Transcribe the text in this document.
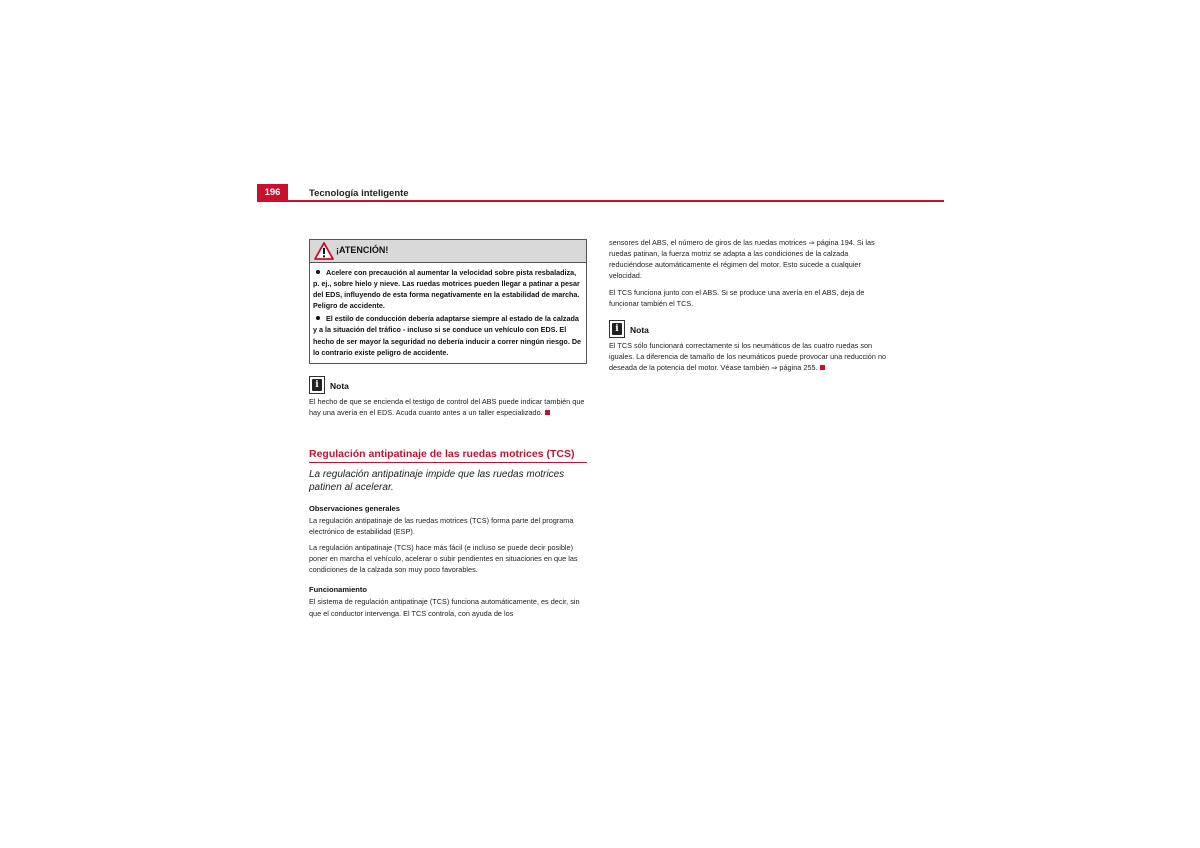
196	Tecnología inteligente
¡ATENCIÓN!
Acelere con precaución al aumentar la velocidad sobre pista resbaladiza, p. ej., sobre hielo y nieve. Las ruedas motrices pueden llegar a patinar a pesar del EDS, influyendo de esta forma negativamente en la estabilidad de marcha. Peligro de accidente.
El estilo de conducción debería adaptarse siempre al estado de la calzada y a la situación del tráfico - incluso si se conduce un vehículo con EDS. El hecho de ser mayor la seguridad no debería inducir a correr ningún riesgo. De lo contrario existe peligro de accidente.
i	Nota

El hecho de que se encienda el testigo de control del ABS puede indicar también que hay una avería en el EDS. Acuda cuanto antes a un taller especializado.

Regulación antipatinaje de las ruedas motrices (TCS)
La regulación antipatinaje impide que las ruedas motrices patinen al acelerar.
Observaciones generales

La regulación antipatinaje de las ruedas motrices (TCS) forma parte del programa electrónico de estabilidad (ESP).

La regulación antipatinaje (TCS) hace más fácil (e incluso se puede decir posible) poner en marcha el vehículo, acelerar o subir pendientes en situaciones en que las condiciones de la calzada son muy poco favorables.

Funcionamiento

El sistema de regulación antipatinaje (TCS) funciona automáticamente, es decir, sin que el conductor intervenga. El TCS controla, con ayuda de los

sensores del ABS, el número de giros de las ruedas motrices ⇒ página 194. Si las ruedas patinan, la fuerza motriz se adapta a las condiciones de la calzada reduciéndose automáticamente el régimen del motor. Esto sucede a cualquier velocidad.

El TCS funciona junto con el ABS. Si se produce una avería en el ABS, deja de funcionar también el TCS.

i	Nota

El TCS sólo funcionará correctamente si los neumáticos de las cuatro ruedas son iguales. La diferencia de tamaño de los neumáticos puede provocar una reducción no deseada de la potencia del motor. Véase también ⇒ página 255.
